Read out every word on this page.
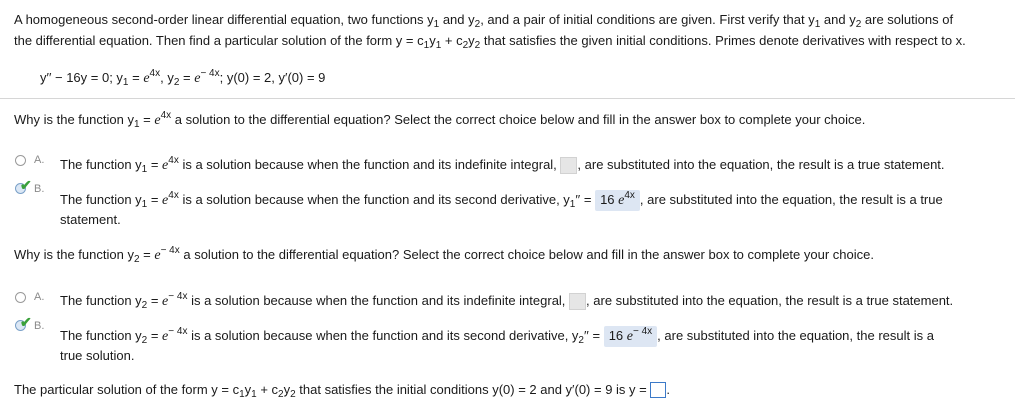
A homogeneous second-order linear differential equation, two functions $y_1$ and $y_2$, and a pair of initial conditions are given. First verify that $y_1$ and $y_2$ are solutions of
the differential equation. Then find a particular solution of the form $y = c_1y_1 + c_2y_2$ that satisfies the given initial conditions. Primes denote derivatives with respect to x.
y′′ − 16y = 0; $y_1 = e^{4x}$, $y_2 = e^{- 4x}$; y(0) = 2, y′(0) = 9
Why is the function $y_1 = e^{4x}$ a solution to the differential equation? Select the correct choice below and fill in the answer box to complete your choice.
A. The function $y_1 = e^{4x}$ is a solution because when the function and its indefinite integral, , are substituted into the equation, the result is a true statement.
✔ B.
The function $y_1 = e^{4x}$ is a solution because when the function and its second derivative, $y_1'' = 16$ $e^{4x}$ , are substituted into the equation, the result is a true
statement.
Why is the function $y_2 = e^{- 4x}$ a solution to the differential equation? Select the correct choice below and fill in the answer box to complete your choice.
A. The function $y_2 = e^{- 4x}$ is a solution because when the function and its indefinite integral, , are substituted into the equation, the result is a true statement.
✔ B.
The function $y_2 = e^{- 4x}$ is a solution because when the function and its second derivative, $y_2'' = 16$ $e^{- 4x}$ , are substituted into the equation, the result is a
true solution.
The particular solution of the form $y = c_1y_1 + c_2y_2$ that satisfies the initial conditions y(0) = 2 and y′(0) = 9 is y = .
